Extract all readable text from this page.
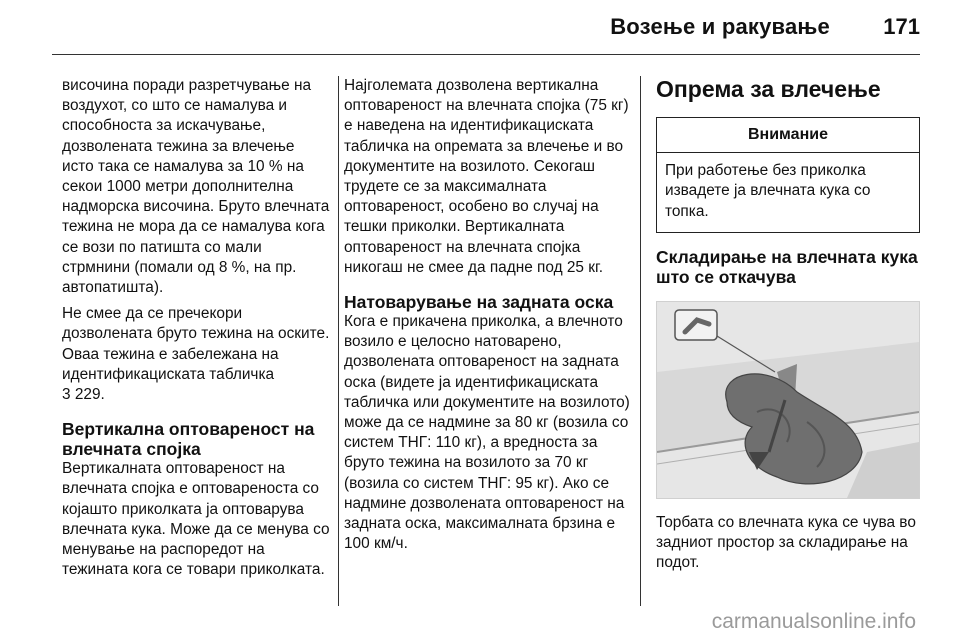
Возење и ракување 171

височина поради разретчување на воздухот, со што се намалува и способноста за искачување, дозволената тежина за влечење исто така се намалува за 10 % на секои 1000 метри дополнителна надморска височина. Бруто влечната тежина не мора да се намалува кога се вози по патишта со мали стрмнини (помали од 8 %, на пр. автопатишта).

Не смее да се пречекори дозволената бруто тежина на оските. Оваа тежина е забележана на идентификациската табличка
3 229.

Вертикална оптовареност на влечната спојка

Вертикалната оптовареност на влечната спојка е оптовареноста со којашто приколката ја оптоварува влечната кука. Може да се менува со менување на распоредот на тежината кога се товари приколката.

Најголемата дозволена вертикална оптовареност на влечната спојка (75 кг) е наведена на идентификациската табличка на опремата за влечење и во документите на возилото. Секогаш трудете се за максималната оптовареност, особено во случај на тешки приколки. Вертикалната оптовареност на влечната спојка никогаш не смее да падне под 25 кг.

Натоварување на задната оска

Кога е прикачена приколка, а влечното возило е целосно натоварено, дозволената оптовареност на задната оска (видете ја идентификациската табличка или документите на возилото) може да се надмине за 80 кг (возила со систем ТНГ: 110 кг), а вредноста за бруто тежина на возилото за 70 кг (возила со систем ТНГ: 95 кг). Ако се надмине дозволената оптовареност на задната оска, максималната брзина е 100 км/ч.

Опрема за влечење
Внимание
При работење без приколка извадете ја влечната кука со топка.
Складирање на влечната кука што се откачува

Торбата со влечната кука се чува во задниот простор за складирање на подот.

carmanualsonline.info
